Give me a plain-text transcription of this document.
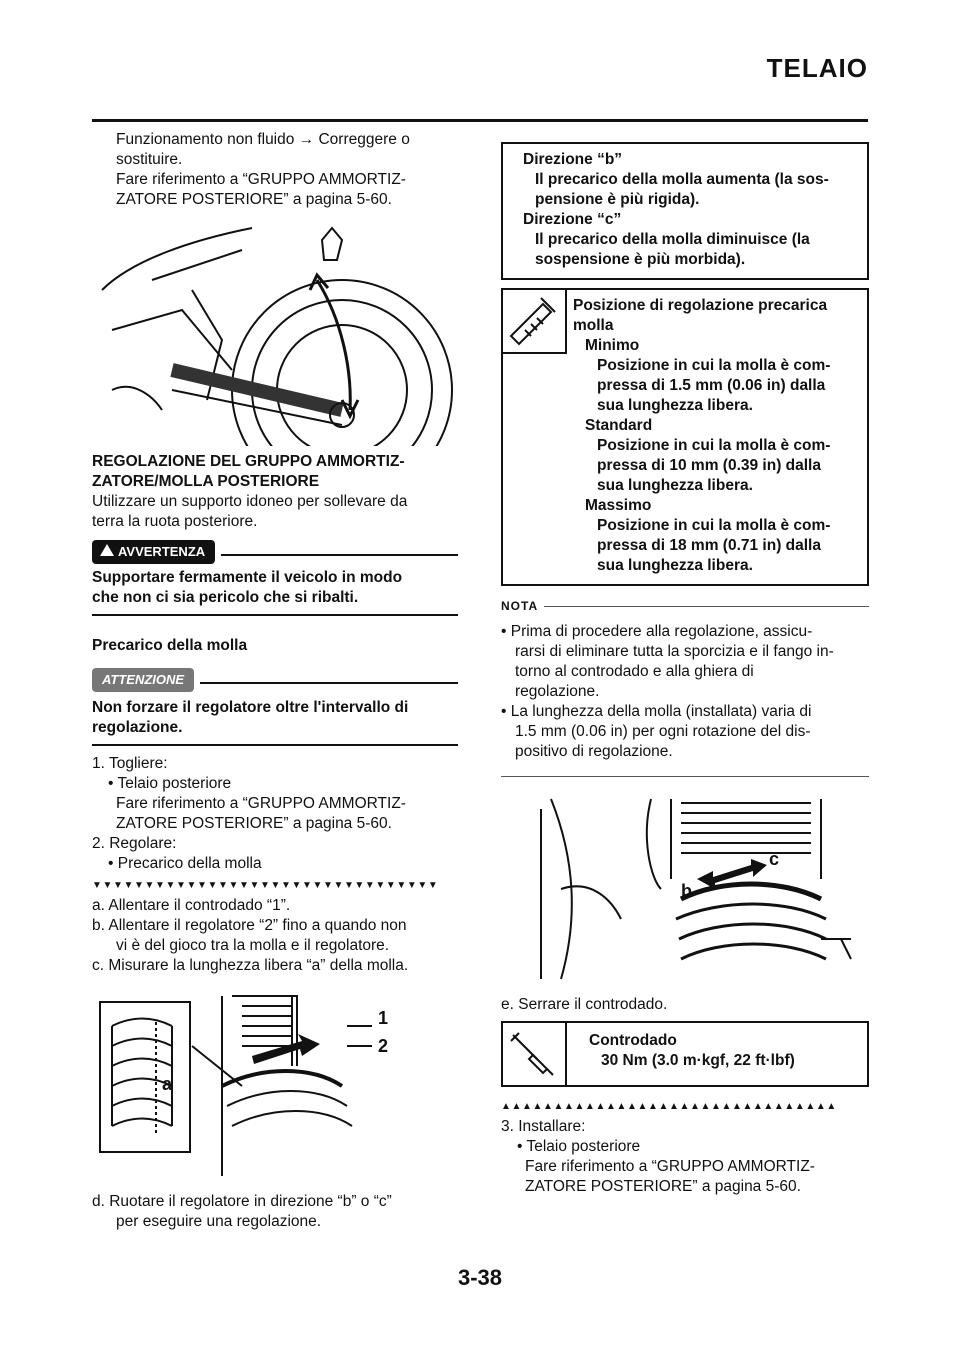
TELAIO

Funzionamento non fluido → Correggere o

sostituire.

Fare riferimento a “GRUPPO AMMORTIZ-

ZATORE POSTERIORE” a pagina 5-60.

REGOLAZIONE DEL GRUPPO AMMORTIZ-

ZATORE/MOLLA POSTERIORE

Utilizzare un supporto idoneo per sollevare da

terra la ruota posteriore.

AVVERTENZA

Supportare fermamente il veicolo in modo

che non ci sia pericolo che si ribalti.

Precarico della molla

ATTENZIONE

Non forzare il regolatore oltre l'intervallo di

regolazione.

1. Togliere:

• Telaio posteriore

Fare riferimento a “GRUPPO AMMORTIZ-

ZATORE POSTERIORE” a pagina 5-60.

2. Regolare:

• Precarico della molla

▼▼▼▼▼▼▼▼▼▼▼▼▼▼▼▼▼▼▼▼▼▼▼▼▼▼▼▼▼▼▼▼▼

a. Allentare il controdado “1”.

b. Allentare il regolatore “2” fino a quando non

vi è del gioco tra la molla e il regolatore.

c. Misurare la lunghezza libera “a” della molla.

a
1
2

d. Ruotare il regolatore in direzione “b” o “c”

per eseguire una regolazione.

Direzione “b”

Il precarico della molla aumenta (la sos-

pensione è più rigida).

Direzione “c”

Il precarico della molla diminuisce (la

sospensione è più morbida).

Posizione di regolazione precarica

molla

Minimo

Posizione in cui la molla è com-

pressa di 1.5 mm (0.06 in) dalla

sua lunghezza libera.

Standard

Posizione in cui la molla è com-

pressa di 10 mm (0.39 in) dalla

sua lunghezza libera.

Massimo

Posizione in cui la molla è com-

pressa di 18 mm (0.71 in) dalla

sua lunghezza libera.

NOTA

• Prima di procedere alla regolazione, assicu-

rarsi di eliminare tutta la sporcizia e il fango in-

torno al controdado e alla ghiera di

regolazione.

• La lunghezza della molla (installata) varia di

1.5 mm (0.06 in) per ogni rotazione del dis-

positivo di regolazione.

b
c

e. Serrare il controdado.

Controdado

30 Nm (3.0 m·kgf, 22 ft·lbf)

▲▲▲▲▲▲▲▲▲▲▲▲▲▲▲▲▲▲▲▲▲▲▲▲▲▲▲▲▲▲▲▲

3. Installare:

• Telaio posteriore

Fare riferimento a “GRUPPO AMMORTIZ-

ZATORE POSTERIORE” a pagina 5-60.

3-38
